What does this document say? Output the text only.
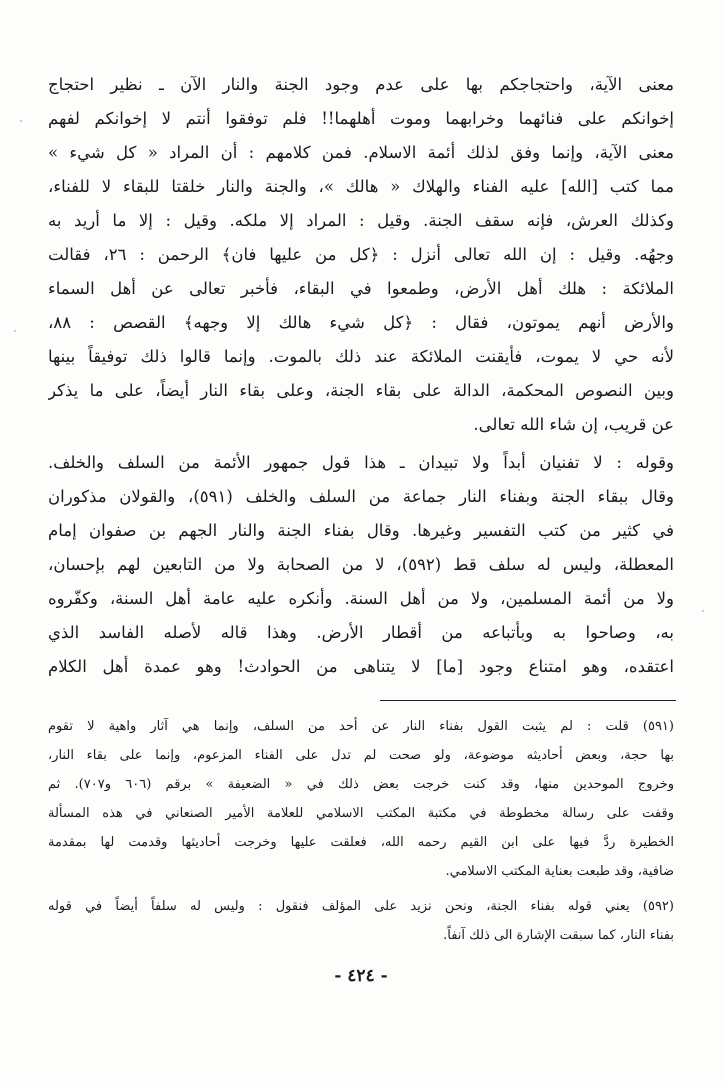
معنى الآية، واحتجاجكم بها على عدم وجود الجنة والنار الآن ـ نظير احتجاج
إخوانكم على فنائهما وخرابهما وموت أهلهما!! فلم توفقوا أنتم لا إخوانكم لفهم
معنى الآية، وإنما وفق لذلك أئمة الاسلام. فمن كلامهم : أن المراد « كل شيء »
مما كتب [الله] عليه الفناء والهلاك « هالك »، والجنة والنار خلقتا للبقاء لا للفناء،
وكذلك العرش، فإنه سقف الجنة. وقيل : المراد إلا ملكه. وقيل : إلا ما أريد به
وجهُه. وقيل : إن الله تعالى أنزل : ﴿كل من عليها فان﴾ الرحمن : ٢٦، فقالت
الملائكة : هلك أهل الأرض، وطمعوا في البقاء، فأخبر تعالى عن أهل السماء
والأرض أنهم يموتون، فقال : ﴿كل شيء هالك إلا وجهه﴾ القصص : ٨٨،
لأنه حي لا يموت، فأيقنت الملائكة عند ذلك بالموت. وإنما قالوا ذلك توفيقاً بينها
وبين النصوص المحكمة، الدالة على بقاء الجنة، وعلى بقاء النار أيضاً، على ما يذكر
عن قريب، إن شاء الله تعالى.

وقوله : لا تفنيان أبداً ولا تبيدان ـ هذا قول جمهور الأئمة من السلف والخلف.
وقال ببقاء الجنة وبفناء النار جماعة من السلف والخلف (٥٩١)، والقولان مذكوران
في كثير من كتب التفسير وغيرها. وقال بفناء الجنة والنار الجهم بن صفوان إمام
المعطلة، وليس له سلف قط (٥٩٢)، لا من الصحابة ولا من التابعين لهم بإحسان،
ولا من أئمة المسلمين، ولا من أهل السنة. وأنكره عليه عامة أهل السنة، وكفّروه
به، وصاحوا به وبأتباعه من أقطار الأرض. وهذا قاله لأصله الفاسد الذي
اعتقده، وهو امتناع وجود [ما] لا يتناهى من الحوادث! وهو عمدة أهل الكلام

(٥٩١) قلت : لم يثبت القول بفناء النار عن أحد من السلف، وإنما هي آثار واهية لا تقوم
بها حجة، وبعض أحاديثه موضوعة، ولو صحت لم تدل على الفناء المزعوم، وإنما على بقاء النار،
وخروج الموحدين منها، وقد كنت خرجت بعض ذلك في « الضعيفة » برقم (٦٠٦ و٧٠٧). ثم
وقفت على رسالة مخطوطة في مكتبة المكتب الاسلامي للعلامة الأمير الصنعاني في هذه المسألة
الخطيرة ردَّ فيها على ابن القيم رحمه الله، فعلقت عليها وخرجت أحاديثها وقدمت لها بمقدمة
ضافية، وقد طبعت بعناية المكتب الاسلامي.
(٥٩٢) يعني قوله بفناء الجنة، ونحن نزيد على المؤلف فنقول : وليس له سلفاً أيضاً في قوله
بفناء النار، كما سبقت الإشارة الى ذلك آنفاً.
- ٤٢٤ -
